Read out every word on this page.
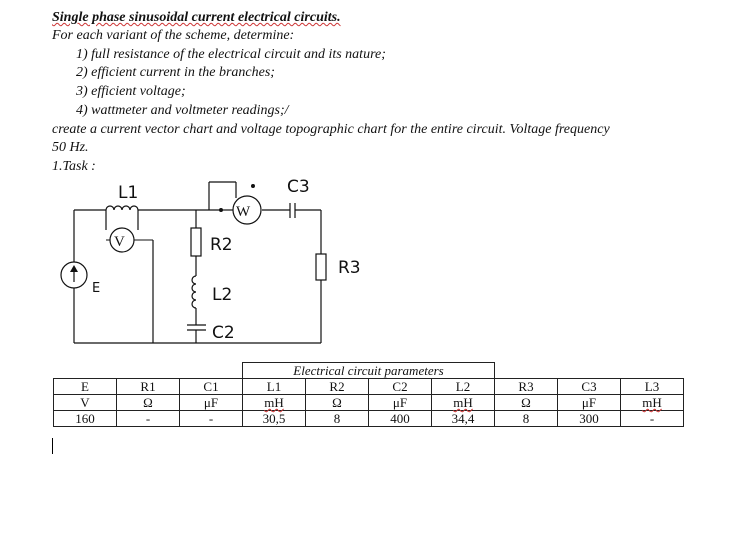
Single phase sinusoidal current electrical circuits.
For each variant of the scheme, determine:
1) full resistance of the electrical circuit and its nature;
2) efficient current in the branches;
3) efficient voltage;
4) wattmeter and voltmeter readings;/
create a current vector chart and voltage topographic chart for the entire circuit. Voltage frequency
50 Hz.
1.Task :
L1	C3
V
W
R2
R3
E	L2
C2
			Electrical circuit parameters						
E	R1	C1	L1	R2	C2	L2	R3	C3	L3
V	Ω	μF	mH	Ω	μF	mH	Ω	μF	mH
160	-	-	30,5	8	400	34,4	8	300	-
